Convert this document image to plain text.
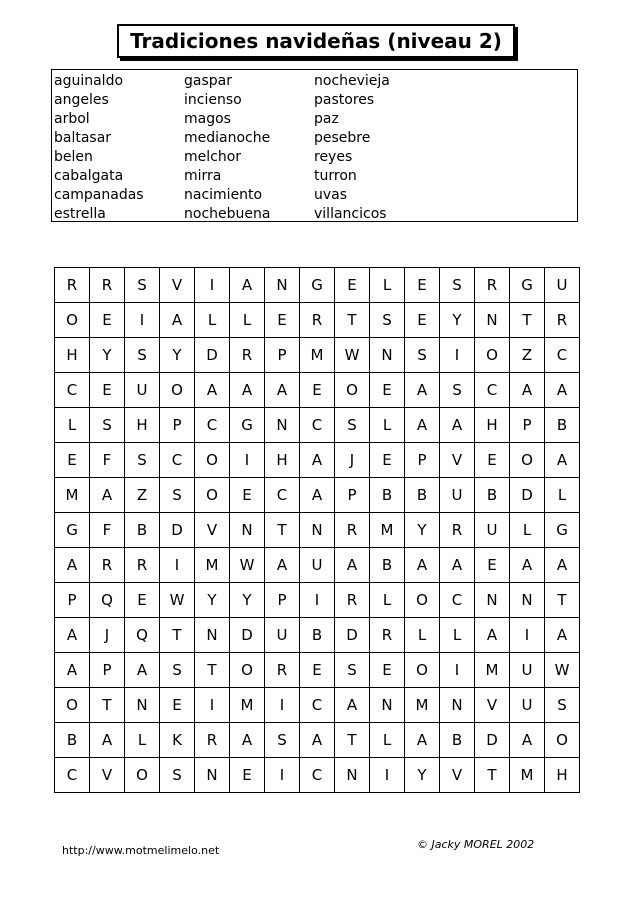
Tradiciones navideñas (niveau 2)
aguinaldo
angeles
arbol
baltasar
belen
cabalgata
campanadas
estrella
gaspar
incienso
magos
medianoche
melchor
mirra
nacimiento
nochebuena
nochevieja
pastores
paz
pesebre
reyes
turron
uvas
villancicos
R	R	S	V	I	A	N	G	E	L	E	S	R	G	U
O	E	I	A	L	L	E	R	T	S	E	Y	N	T	R
H	Y	S	Y	D	R	P	M	W	N	S	I	O	Z	C
C	E	U	O	A	A	A	E	O	E	A	S	C	A	A
L	S	H	P	C	G	N	C	S	L	A	A	H	P	B
E	F	S	C	O	I	H	A	J	E	P	V	E	O	A
M	A	Z	S	O	E	C	A	P	B	B	U	B	D	L
G	F	B	D	V	N	T	N	R	M	Y	R	U	L	G
A	R	R	I	M	W	A	U	A	B	A	A	E	A	A
P	Q	E	W	Y	Y	P	I	R	L	O	C	N	N	T
A	J	Q	T	N	D	U	B	D	R	L	L	A	I	A
A	P	A	S	T	O	R	E	S	E	O	I	M	U	W
O	T	N	E	I	M	I	C	A	N	M	N	V	U	S
B	A	L	K	R	A	S	A	T	L	A	B	D	A	O
C	V	O	S	N	E	I	C	N	I	Y	V	T	M	H
http://www.motmelimelo.net	© Jacky MOREL 2002
